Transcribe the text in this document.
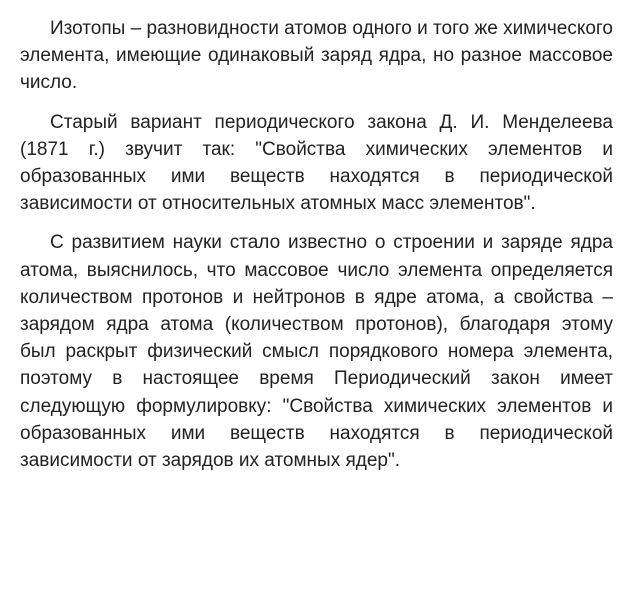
Изотопы – разновидности атомов одного и того же химического элемента, имеющие одинаковый заряд ядра, но разное массовое число.

Старый вариант периодического закона Д. И. Менделеева (1871 г.) звучит так: "Свойства химических элементов и образованных ими веществ находятся в периодической зависимости от относительных атомных масс элементов".

С развитием науки стало известно о строении и заряде ядра атома, выяснилось, что массовое число элемента определяется количеством протонов и нейтронов в ядре атома, а свойства – зарядом ядра атома (количеством протонов), благодаря этому был раскрыт физический смысл порядкового номера элемента, поэтому в настоящее время Периодический закон имеет следующую формулировку: "Свойства химических элементов и образованных ими веществ находятся в периодической зависимости от зарядов их атомных ядер".
